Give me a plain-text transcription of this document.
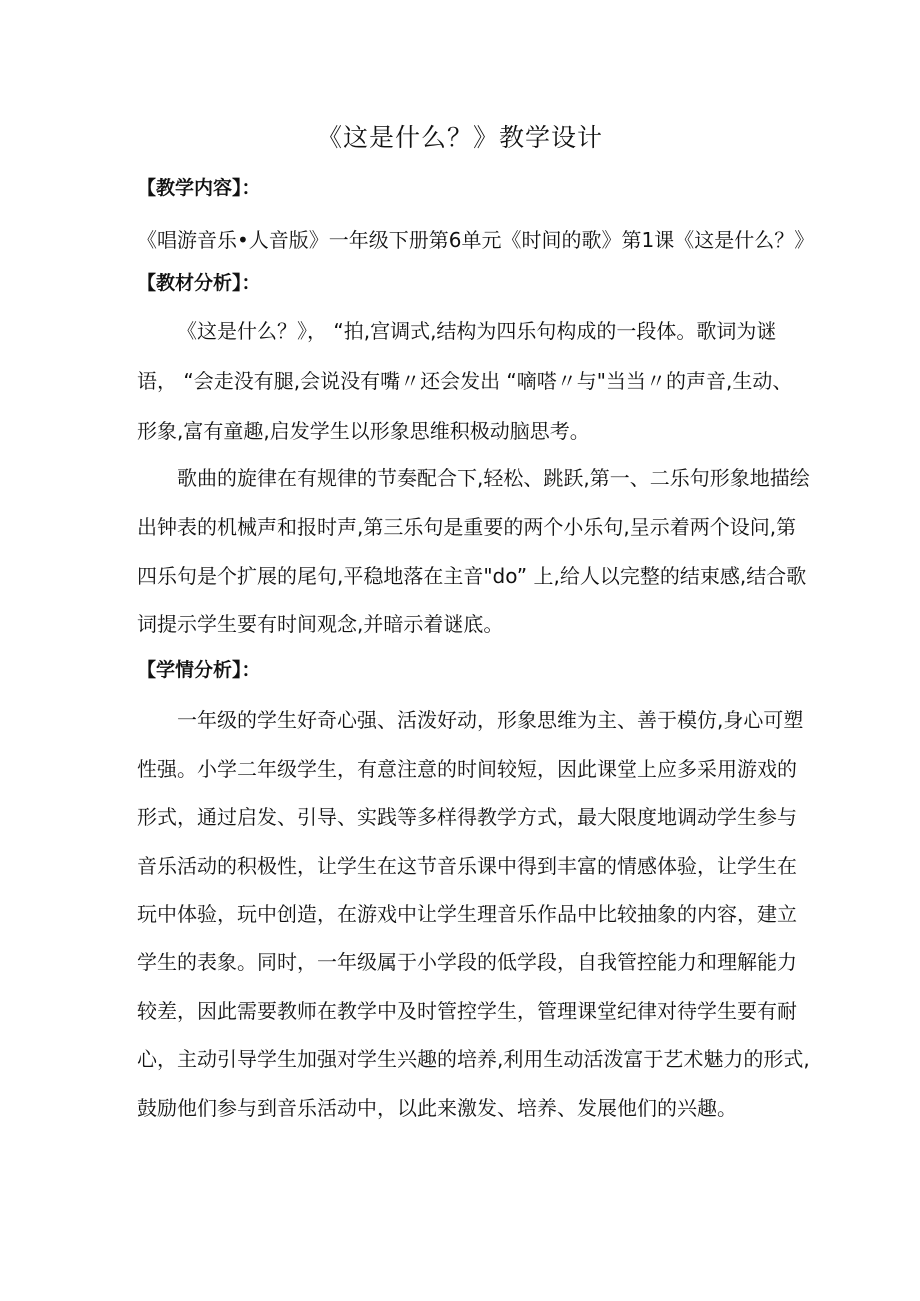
《这是什么？》教学设计
【教学内容】：
《唱游音乐•人音版》一年级下册第6单元《时间的歌》第1课《这是什么？》
【教材分析】：
《这是什么？》， “拍,宫调式,结构为四乐句构成的一段体。歌词为谜
语， “会走没有腿,会说没有嘴〃还会发出 “嘀嗒〃与"当当〃的声音,生动、
形象,富有童趣,启发学生以形象思维积极动脑思考。
歌曲的旋律在有规律的节奏配合下,轻松、跳跃,第一、二乐句形象地描绘
出钟表的机械声和报时声,第三乐句是重要的两个小乐句,呈示着两个设问,第
四乐句是个扩展的尾句,平稳地落在主音"do” 上,给人以完整的结束感,结合歌
词提示学生要有时间观念,并暗示着谜底。
【学情分析】：
一年级的学生好奇心强、活泼好动，形象思维为主、善于模仿,身心可塑
性强。小学二年级学生，有意注意的时间较短，因此课堂上应多采用游戏的
形式，通过启发、引导、实践等多样得教学方式，最大限度地调动学生参与
音乐活动的积极性，让学生在这节音乐课中得到丰富的情感体验，让学生在
玩中体验，玩中创造，在游戏中让学生理音乐作品中比较抽象的内容，建立
学生的表象。同时，一年级属于小学段的低学段，自我管控能力和理解能力
较差，因此需要教师在教学中及时管控学生，管理课堂纪律对待学生要有耐
心，主动引导学生加强对学生兴趣的培养,利用生动活泼富于艺术魅力的形式,
鼓励他们参与到音乐活动中，以此来激发、培养、发展他们的兴趣。
